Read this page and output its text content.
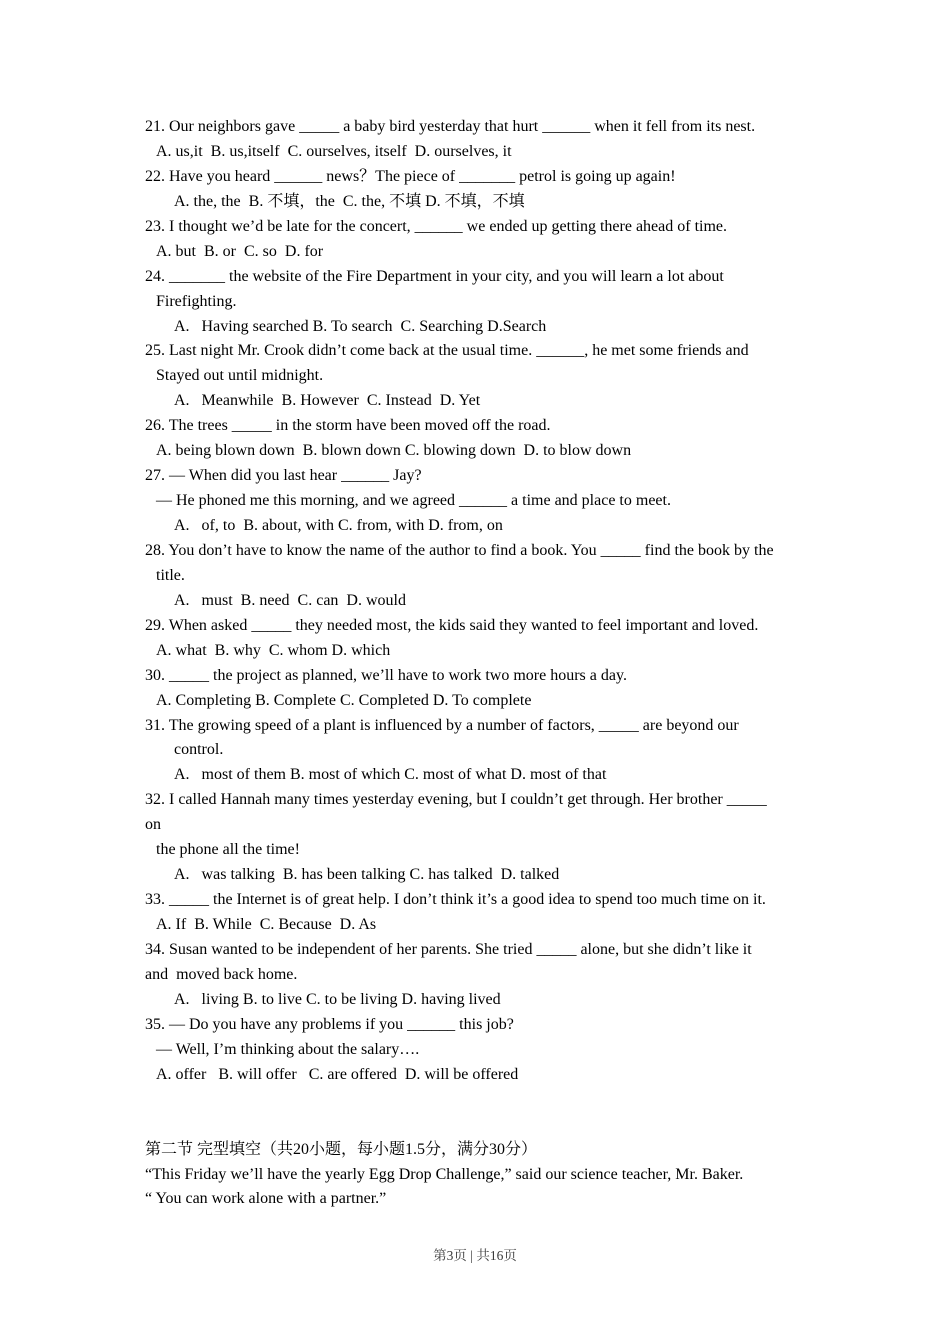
21. Our neighbors gave _____ a baby bird yesterday that hurt ______ when it fell from its nest.
A. us,it  B. us,itself  C. ourselves, itself  D. ourselves, it
22. Have you heard ______ news？The piece of _______ petrol is going up again!
A. the, the  B. 不填，the  C. the, 不填 D. 不填，不填
23. I thought we’d be late for the concert, ______ we ended up getting there ahead of time.
A. but  B. or  C. so  D. for
24. _______ the website of the Fire Department in your city, and you will learn a lot about
Firefighting.
A.   Having searched B. To search  C. Searching D.Search
25. Last night Mr. Crook didn’t come back at the usual time. ______, he met some friends and
Stayed out until midnight.
A.   Meanwhile  B. However  C. Instead  D. Yet
26. The trees _____ in the storm have been moved off the road.
A. being blown down  B. blown down C. blowing down  D. to blow down
27. — When did you last hear ______ Jay?
— He phoned me this morning, and we agreed ______ a time and place to meet.
A.   of, to  B. about, with C. from, with D. from, on
28. You don’t have to know the name of the author to find a book. You _____ find the book by the
title.
A.   must  B. need  C. can  D. would
29. When asked _____ they needed most, the kids said they wanted to feel important and loved.
A. what  B. why  C. whom D. which
30. _____ the project as planned, we’ll have to work two more hours a day.
A. Completing B. Complete C. Completed D. To complete
31. The growing speed of a plant is influenced by a number of factors, _____ are beyond our
control.
A.   most of them B. most of which C. most of what D. most of that
32. I called Hannah many times yesterday evening, but I couldn’t get through. Her brother _____
on
the phone all the time!
A.   was talking  B. has been talking C. has talked  D. talked
33. _____ the Internet is of great help. I don’t think it’s a good idea to spend too much time on it.
A. If  B. While  C. Because  D. As
34. Susan wanted to be independent of her parents. She tried _____ alone, but she didn’t like it
and  moved back home.
A.   living B. to live C. to be living D. having lived
35. — Do you have any problems if you ______ this job?
— Well, I’m thinking about the salary….
A. offer   B. will offer   C. are offered  D. will be offered
第二节 完型填空（共20小题，每小题1.5分，满分30分）
“This Friday we’ll have the yearly Egg Drop Challenge,” said our science teacher, Mr. Baker.
“ You can work alone with a partner.”
第3页 | 共16页
